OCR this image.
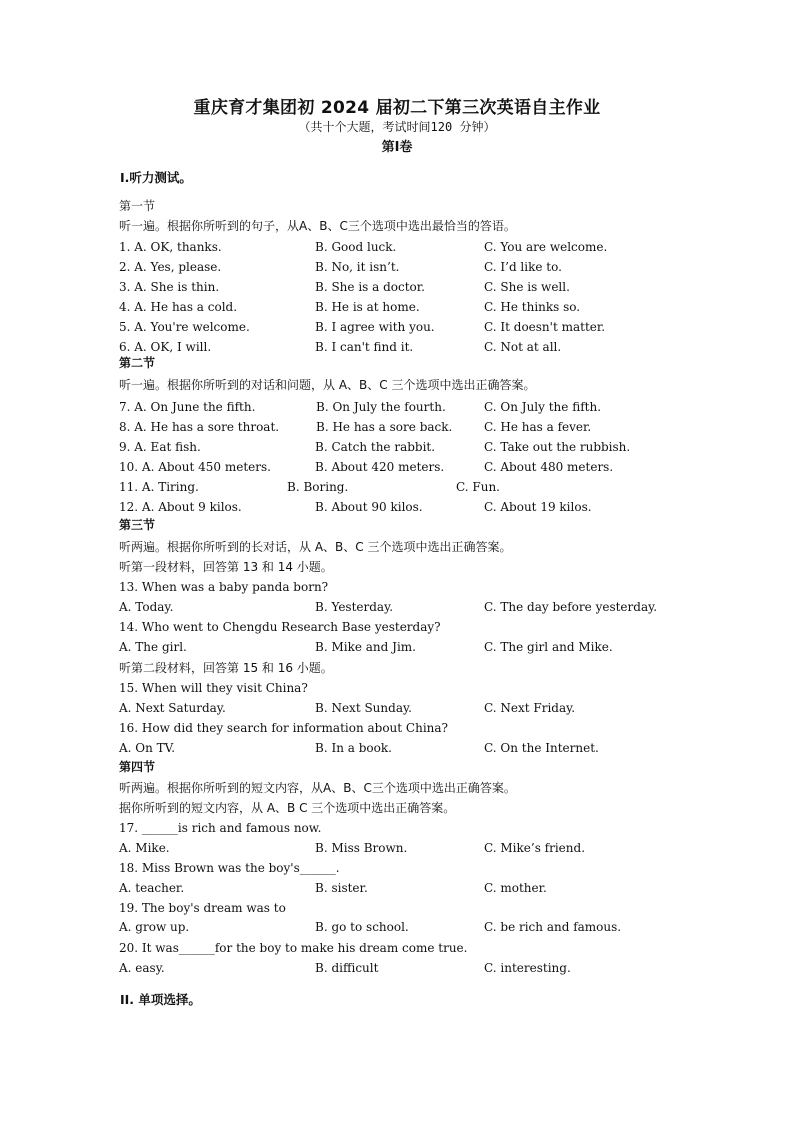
重庆育才集团初 2024 届初二下第三次英语自主作业
（共十个大题，考试时间120 分钟）
第Ⅰ卷
Ⅰ.听力测试。
第一节
听一遍。根据你所听到的句子，从A、B、C三个选项中选出最恰当的答语。
1. A. OK, thanks.	B. Good luck.	C. You are welcome.
2. A. Yes, please.	B. No, it isn’t.	C. I’d like to.
3. A. She is thin.	B. She is a doctor.	C. She is well.
4. A. He has a cold.	B. He is at home.	C. He thinks so.
5. A. You're welcome.	B. I agree with you.	C. It doesn't matter.
6. A. OK, I will.	B. I can't find it.	C. Not at all.
第二节
听一遍。根据你所听到的对话和问题，从 A、B、C 三个选项中选出正确答案。
7. A. On June the fifth.	B. On July the fourth.	C. On July the fifth.
8. A. He has a sore throat.	B. He has a sore back.	C. He has a fever.
9. A. Eat fish.	B. Catch the rabbit.	C. Take out the rubbish.
10. A. About 450 meters.	B. About 420 meters.	C. About 480 meters.
11. A. Tiring.	B. Boring.	C. Fun.
12. A. About 9 kilos.	B. About 90 kilos.	C. About 19 kilos.
第三节
听两遍。根据你所听到的长对话，从 A、B、C 三个选项中选出正确答案。
听第一段材料，回答第 13 和 14 小题。
13. When was a baby panda born?
A. Today.	B. Yesterday.	C. The day before yesterday.
14. Who went to Chengdu Research Base yesterday?
A. The girl.	B. Mike and Jim.	C. The girl and Mike.
听第二段材料，回答第 15 和 16 小题。
15. When will they visit China?
A. Next Saturday.	B. Next Sunday.	C. Next Friday.
16. How did they search for information about China?
A. On TV.	B. In a book.	C. On the Internet.
第四节
听两遍。根据你所听到的短文内容，从A、B、C三个选项中选出正确答案。
据你所听到的短文内容，从 A、B C 三个选项中选出正确答案。
17. ______is rich and famous now.
A. Mike.	B. Miss Brown.	C. Mike’s friend.
18. Miss Brown was the boy's______.
A. teacher.	B. sister.	C. mother.
19. The boy's dream was to
A. grow up.	B. go to school.	C. be rich and famous.
20. It was______for the boy to make his dream come true.
A. easy.	B. difficult	C. interesting.
II. 单项选择。
